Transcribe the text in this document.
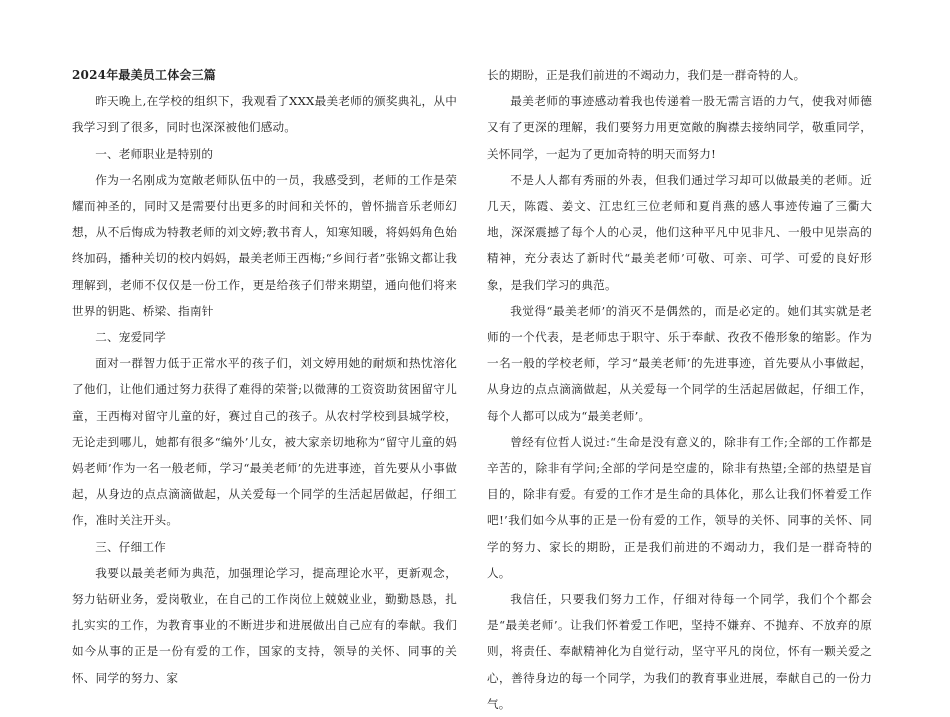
2024年最美员工体会三篇

昨天晚上,在学校的组织下，我观看了XXX最美老师的颁奖典礼，从中我学习到了很多，同时也深深被他们感动。

一、老师职业是特别的

作为一名刚成为宽敞老师队伍中的一员，我感受到，老师的工作是荣耀而神圣的，同时又是需要付出更多的时间和关怀的，曾怀揣音乐老师幻想，从不后悔成为特教老师的刘文婷;教书育人，知寒知暖，将妈妈角色始终加码，播种关切的校内妈妈，最美老师王西梅;“乡间行者”张锦文都让我理解到，老师不仅仅是一份工作，更是给孩子们带来期望，通向他们将来世界的钥匙、桥梁、指南针

二、宠爱同学

面对一群智力低于正常水平的孩子们，刘文婷用她的耐烦和热忱溶化了他们，让他们通过努力获得了难得的荣誉;以微薄的工资资助贫困留守儿童，王西梅对留守儿童的好，赛过自己的孩子。从农村学校到县城学校，无论走到哪儿，她都有很多“编外’儿女，被大家亲切地称为“留守儿童的妈妈老师’作为一名一般老师，学习“最美老师’的先进事迹，首先要从小事做起，从身边的点点滴滴做起，从关爱每一个同学的生活起居做起，仔细工作，准时关注开头。

三、仔细工作

我要以最美老师为典范，加强理论学习，提高理论水平，更新观念，努力钻研业务，爱岗敬业，在自己的工作岗位上兢兢业业，勤勤恳恳，扎扎实实的工作，为教育事业的不断进步和进展做出自己应有的奉献。我们如今从事的正是一份有爱的工作，国家的支持，领导的关怀、同事的关怀、同学的努力、家

长的期盼，正是我们前进的不竭动力，我们是一群奇特的人。

最美老师的事迹感动着我也传递着一股无需言语的力气，使我对师德又有了更深的理解，我们要努力用更宽敞的胸襟去接纳同学，敬重同学，关怀同学，一起为了更加奇特的明天而努力!

不是人人都有秀丽的外表，但我们通过学习却可以做最美的老师。近几天，陈霞、姜文、江忠红三位老师和夏肖燕的感人事迹传遍了三衢大地，深深震撼了每个人的心灵，他们这种平凡中见非凡、一般中见崇高的精神，充分表达了新时代“最美老师’可敬、可亲、可学、可爱的良好形象，是我们学习的典范。

我觉得“最美老师’的消灭不是偶然的，而是必定的。她们其实就是老师的一个代表，是老师忠于职守、乐于奉献、孜孜不倦形象的缩影。作为一名一般的学校老师，学习“最美老师’的先进事迹，首先要从小事做起，从身边的点点滴滴做起，从关爱每一个同学的生活起居做起，仔细工作，每个人都可以成为“最美老师’。

曾经有位哲人说过:“生命是没有意义的，除非有工作;全部的工作都是辛苦的，除非有学问;全部的学问是空虚的，除非有热望;全部的热望是盲目的，除非有爱。有爱的工作才是生命的具体化，那么让我们怀着爱工作吧!’我们如今从事的正是一份有爱的工作，领导的关怀、同事的关怀、同学的努力、家长的期盼，正是我们前进的不竭动力，我们是一群奇特的人。

我信任，只要我们努力工作，仔细对待每一个同学，我们个个都会是“最美老师’。让我们怀着爱工作吧，坚持不嫌弃、不抛弃、不放弃的原则，将责任、奉献精神化为自觉行动，坚守平凡的岗位，怀有一颗关爱之心，善待身边的每一个同学，为我们的教育事业进展，奉献自己的一份力气。
